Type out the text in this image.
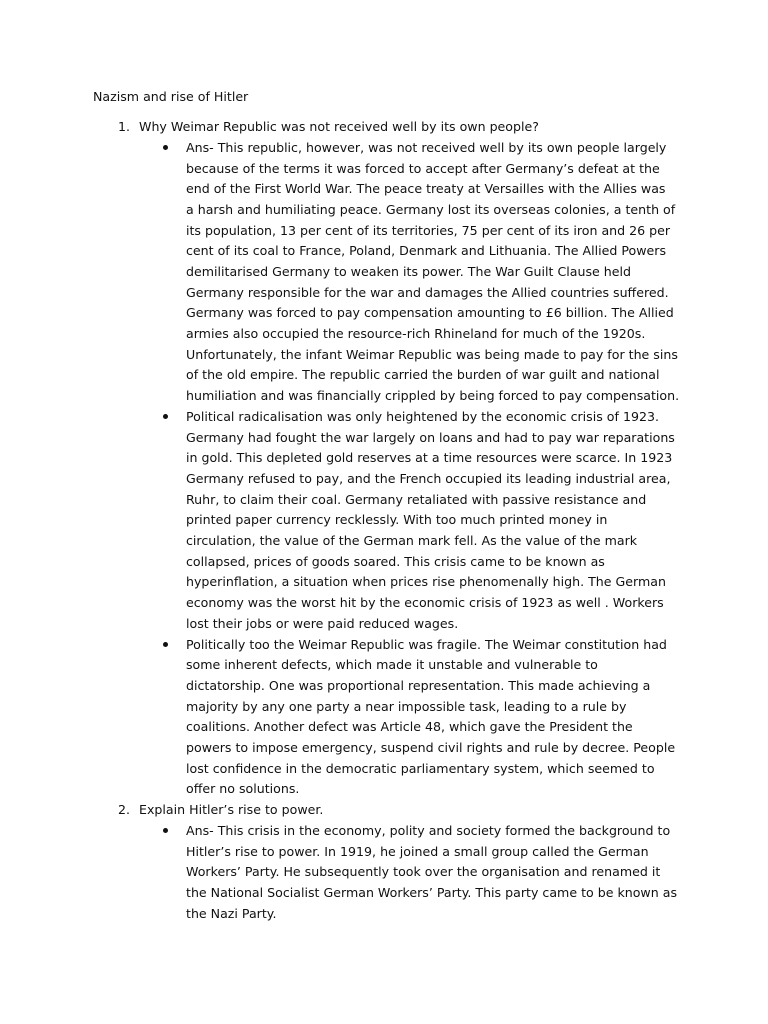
Nazism and rise of Hitler
1. Why Weimar Republic was not received well by its own people?
Ans- This republic, however, was not received well by its own people largely
because of the terms it was forced to accept after Germany’s defeat at the
end of the First World War. The peace treaty at Versailles with the Allies was
a harsh and humiliating peace. Germany lost its overseas colonies, a tenth of
its population, 13 per cent of its territories, 75 per cent of its iron and 26 per
cent of its coal to France, Poland, Denmark and Lithuania. The Allied Powers
demilitarised Germany to weaken its power. The War Guilt Clause held
Germany responsible for the war and damages the Allied countries suffered.
Germany was forced to pay compensation amounting to £6 billion. The Allied
armies also occupied the resource-rich Rhineland for much of the 1920s.
Unfortunately, the infant Weimar Republic was being made to pay for the sins
of the old empire. The republic carried the burden of war guilt and national
humiliation and was financially crippled by being forced to pay compensation.
Political radicalisation was only heightened by the economic crisis of 1923.
Germany had fought the war largely on loans and had to pay war reparations
in gold. This depleted gold reserves at a time resources were scarce. In 1923
Germany refused to pay, and the French occupied its leading industrial area,
Ruhr, to claim their coal. Germany retaliated with passive resistance and
printed paper currency recklessly. With too much printed money in
circulation, the value of the German mark fell. As the value of the mark
collapsed, prices of goods soared. This crisis came to be known as
hyperinflation, a situation when prices rise phenomenally high. The German
economy was the worst hit by the economic crisis of 1923 as well . Workers
lost their jobs or were paid reduced wages.
Politically too the Weimar Republic was fragile. The Weimar constitution had
some inherent defects, which made it unstable and vulnerable to
dictatorship. One was proportional representation. This made achieving a
majority by any one party a near impossible task, leading to a rule by
coalitions. Another defect was Article 48, which gave the President the
powers to impose emergency, suspend civil rights and rule by decree. People
lost confidence in the democratic parliamentary system, which seemed to
offer no solutions.
2. Explain Hitler’s rise to power.
Ans- This crisis in the economy, polity and society formed the background to
Hitler’s rise to power. In 1919, he joined a small group called the German
Workers’ Party. He subsequently took over the organisation and renamed it
the National Socialist German Workers’ Party. This party came to be known as
the Nazi Party.
